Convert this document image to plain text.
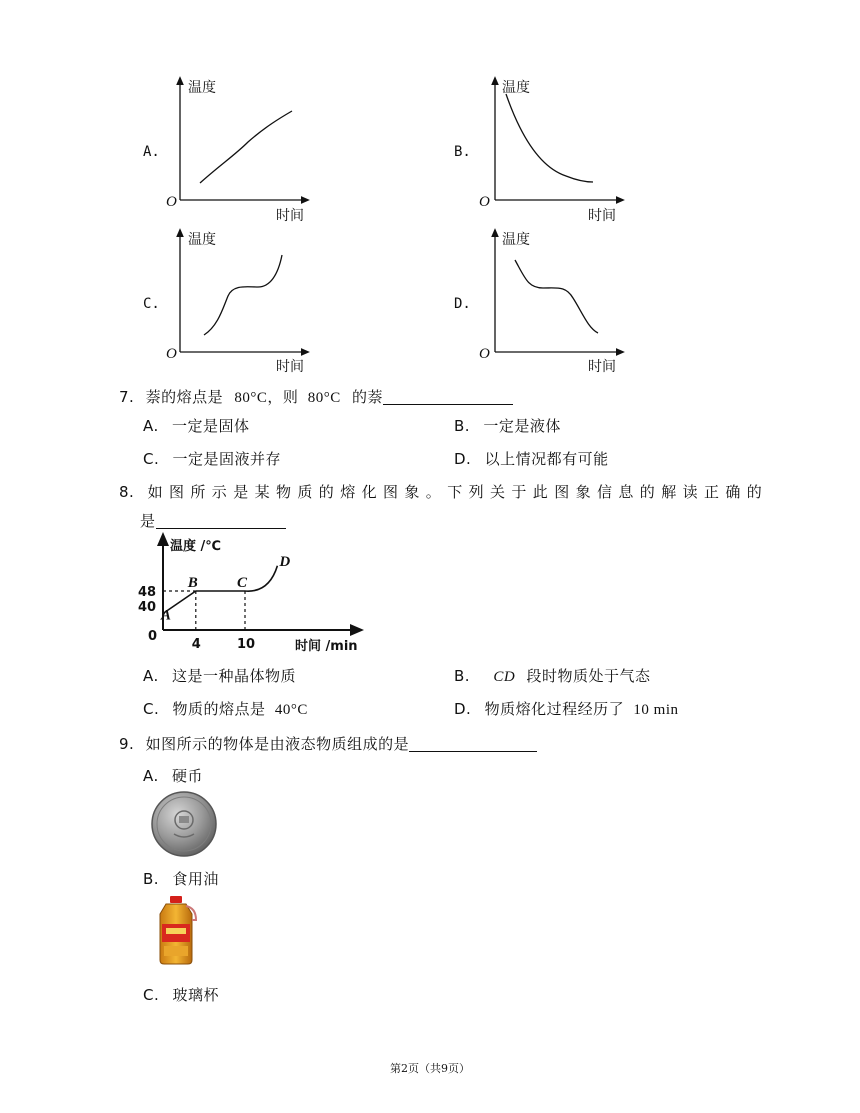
A.
温度
时间
O
B.
温度
时间
O
C.
温度
时间
O
D.
温度
时间
O
7. 萘的熔点是 80°C，则 80°C 的萘
A. 一定是固体	B. 一定是液体
C. 一定是固液并存	D. 以上情况都有可能
8. 如图所示是某物质的熔化图象。下列关于此图象信息的解读正确的
是
温度 /℃
时间 /min
0
48
40
4	10
A
B	C
D
A. 这是一种晶体物质	B. CD 段时物质处于气态
C. 物质的熔点是 40°C	D. 物质熔化过程经历了 10 min
9. 如图所示的物体是由液态物质组成的是
A. 硬币
B. 食用油
C. 玻璃杯
第2页（共9页）
